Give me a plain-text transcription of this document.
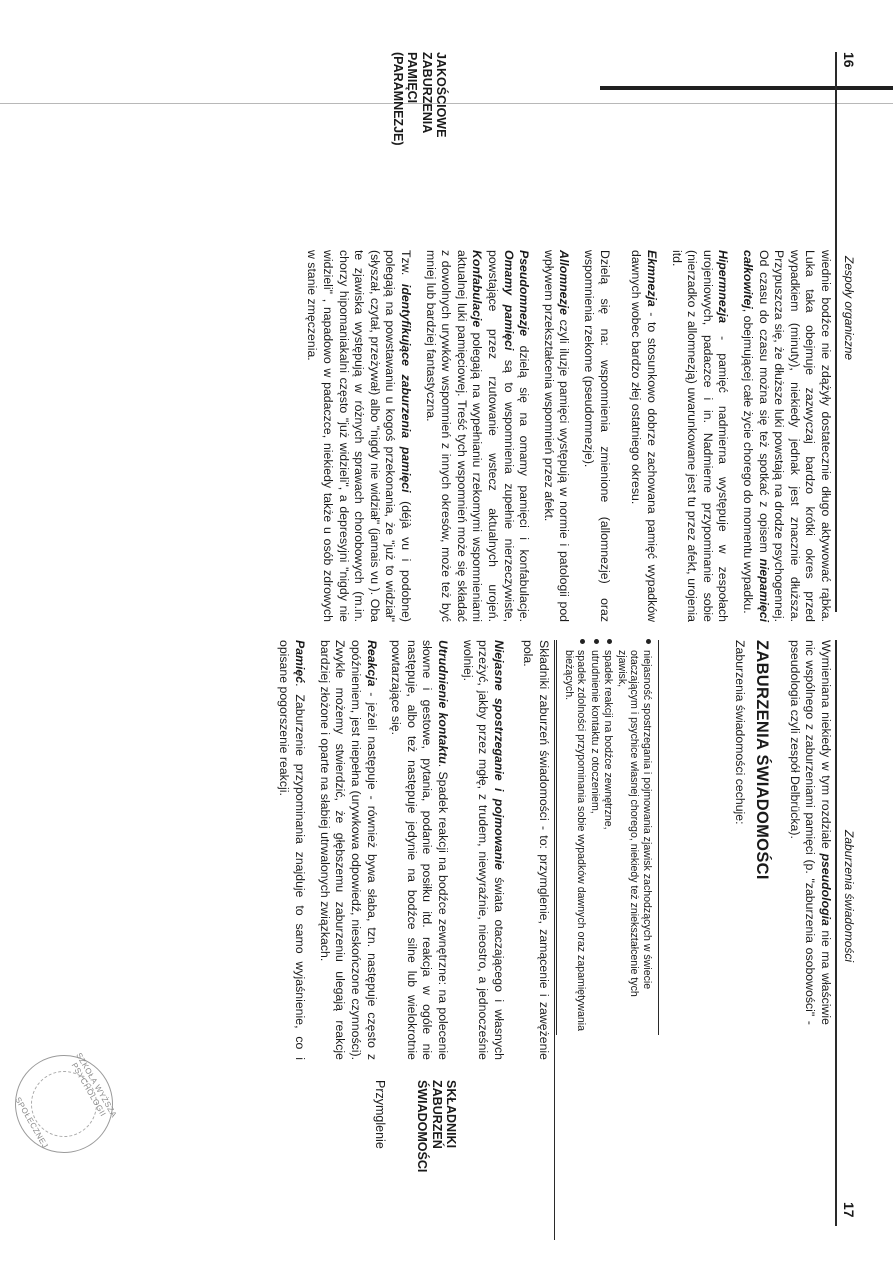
16
Zespoły organiczne
JAKOŚCIOWE
ZABURZENIA
PAMIĘCI
(PARAMNEZJE)

wiednie bodźce nie zdążyły dostatecznie długo aktywować rąbka. Luka taka obejmuje zazwyczaj bardzo krótki okres przed wypadkiem (minuty), niekiedy jednak jest znacznie dłuższa. Przypuszcza się, że dłuższe luki powstają na drodze psychogennej. Od czasu do czasu można się też spotkać z opisem niepamięci całkowitej, obejmującej całe życie chorego do momentu wypadku.

Hipermnezja - pamięć nadmierna występuje w zespołach urojeniowych, padaczce i in. Nadmierne przypominanie sobie (nierzadko z allomnezją) uwarunkowane jest tu przez afekt, urojenia itd.

Ekmnezja - to stosunkowo dobrze zachowana pamięć wypadków dawnych wobec bardzo złej ostatniego okresu.

Dzielą się na: wspomnienia zmienione (allomnezje) oraz wspomnienia rzekome (pseudomnezje).

Allomnezje czyli iluzje pamięci występują w normie i patologii pod wpływem przekształcenia wspomnień przez afekt.

Pseudomnezje dzielą się na omamy pamięci i konfabulacje. Omamy pamięci są to wspomnienia zupełnie nierzeczywiste, powstające przez rzutowanie wstecz aktualnych urojeń. Konfabulacje polegają na wypełnianiu rzekomymi wspomnieniami aktualnej luki pamięciowej. Treść tych wspomnień może się składać z dowolnych urywków wspomnień z innych okresów, może też być mniej lub bardziej fantastyczna.

Tzw. identyfikujące zaburzenia pamięci (déjà vu i podobne) polegają na powstawaniu u kogoś przekonania, że "już to widział" (słyszał, czytał, przeżywał) albo "nigdy nie widział" (jamais vu ). Oba te zjawiska występują w różnych sprawach chorobowych (m.in. chorzy hipomaniakalni często "już widzieli", a depresyjni "nigdy nie widzieli" , napadowo w padaczce, niekiedy także u osób zdrowych w stanie zmęczenia.

Zaburzenia świadomości
17

Wymieniana niekiedy w tym rozdziale pseudologia nie ma właściwie nic wspólnego z zaburzeniami pamięci (p. "zaburzenia osobowości" - pseudologia czyli zespół Delbrücka).

ZABURZENIA ŚWIADOMOŚCI

Zaburzenia świadomości cechuje:

niejasność spostrzegania i pojmowania zjawisk zachodzących w świecie otaczającym i psychice własnej chorego, niekiedy też zniekształcenie tych zjawisk,
spadek reakcji na bodźce zewnętrzne,
utrudnienie kontaktu z otoczeniem,
spadek zdolności przypominania sobie wypadków dawnych oraz zapamiętywania bieżących.
SKŁADNIKI
ZABURZEŃ
ŚWIADOMOŚCI
Przymglenie

Składniki zaburzeń świadomości - to: przymglenie, zamącenie i zawężenie pola.

Niejasne spostrzeganie i pojmowanie świata otaczającego i własnych przeżyć, jakby przez mgłę, z trudem, niewyraźnie, nieostro, a jednocześnie wolniej.

Utrudnienie kontaktu. Spadek reakcji na bodźce zewnętrzne: na polecenie słowne i gestowe, pytania, podanie posiłku itd. reakcja w ogóle nie następuje, albo też następuje jedynie na bodźce silne lub wielokrotnie powtarzające się.

Reakcja - jeżeli następuje - również bywa słaba, tzn. następuje często z opóźnieniem, jest niepełna (urywkowa odpowiedź, nieskończone czynności). Zwykle możemy stwierdzić, że głębszemu zaburzeniu ulegają reakcje bardziej złożone i oparte na słabiej utrwalonych związkach.

Pamięć. Zaburzenie przypominania znajduje to samo wyjaśnienie, co i opisane pogorszenie reakcji.

SZKOŁA WYŻSZA PSYCHOLOGII
SPOŁECZNEJ
